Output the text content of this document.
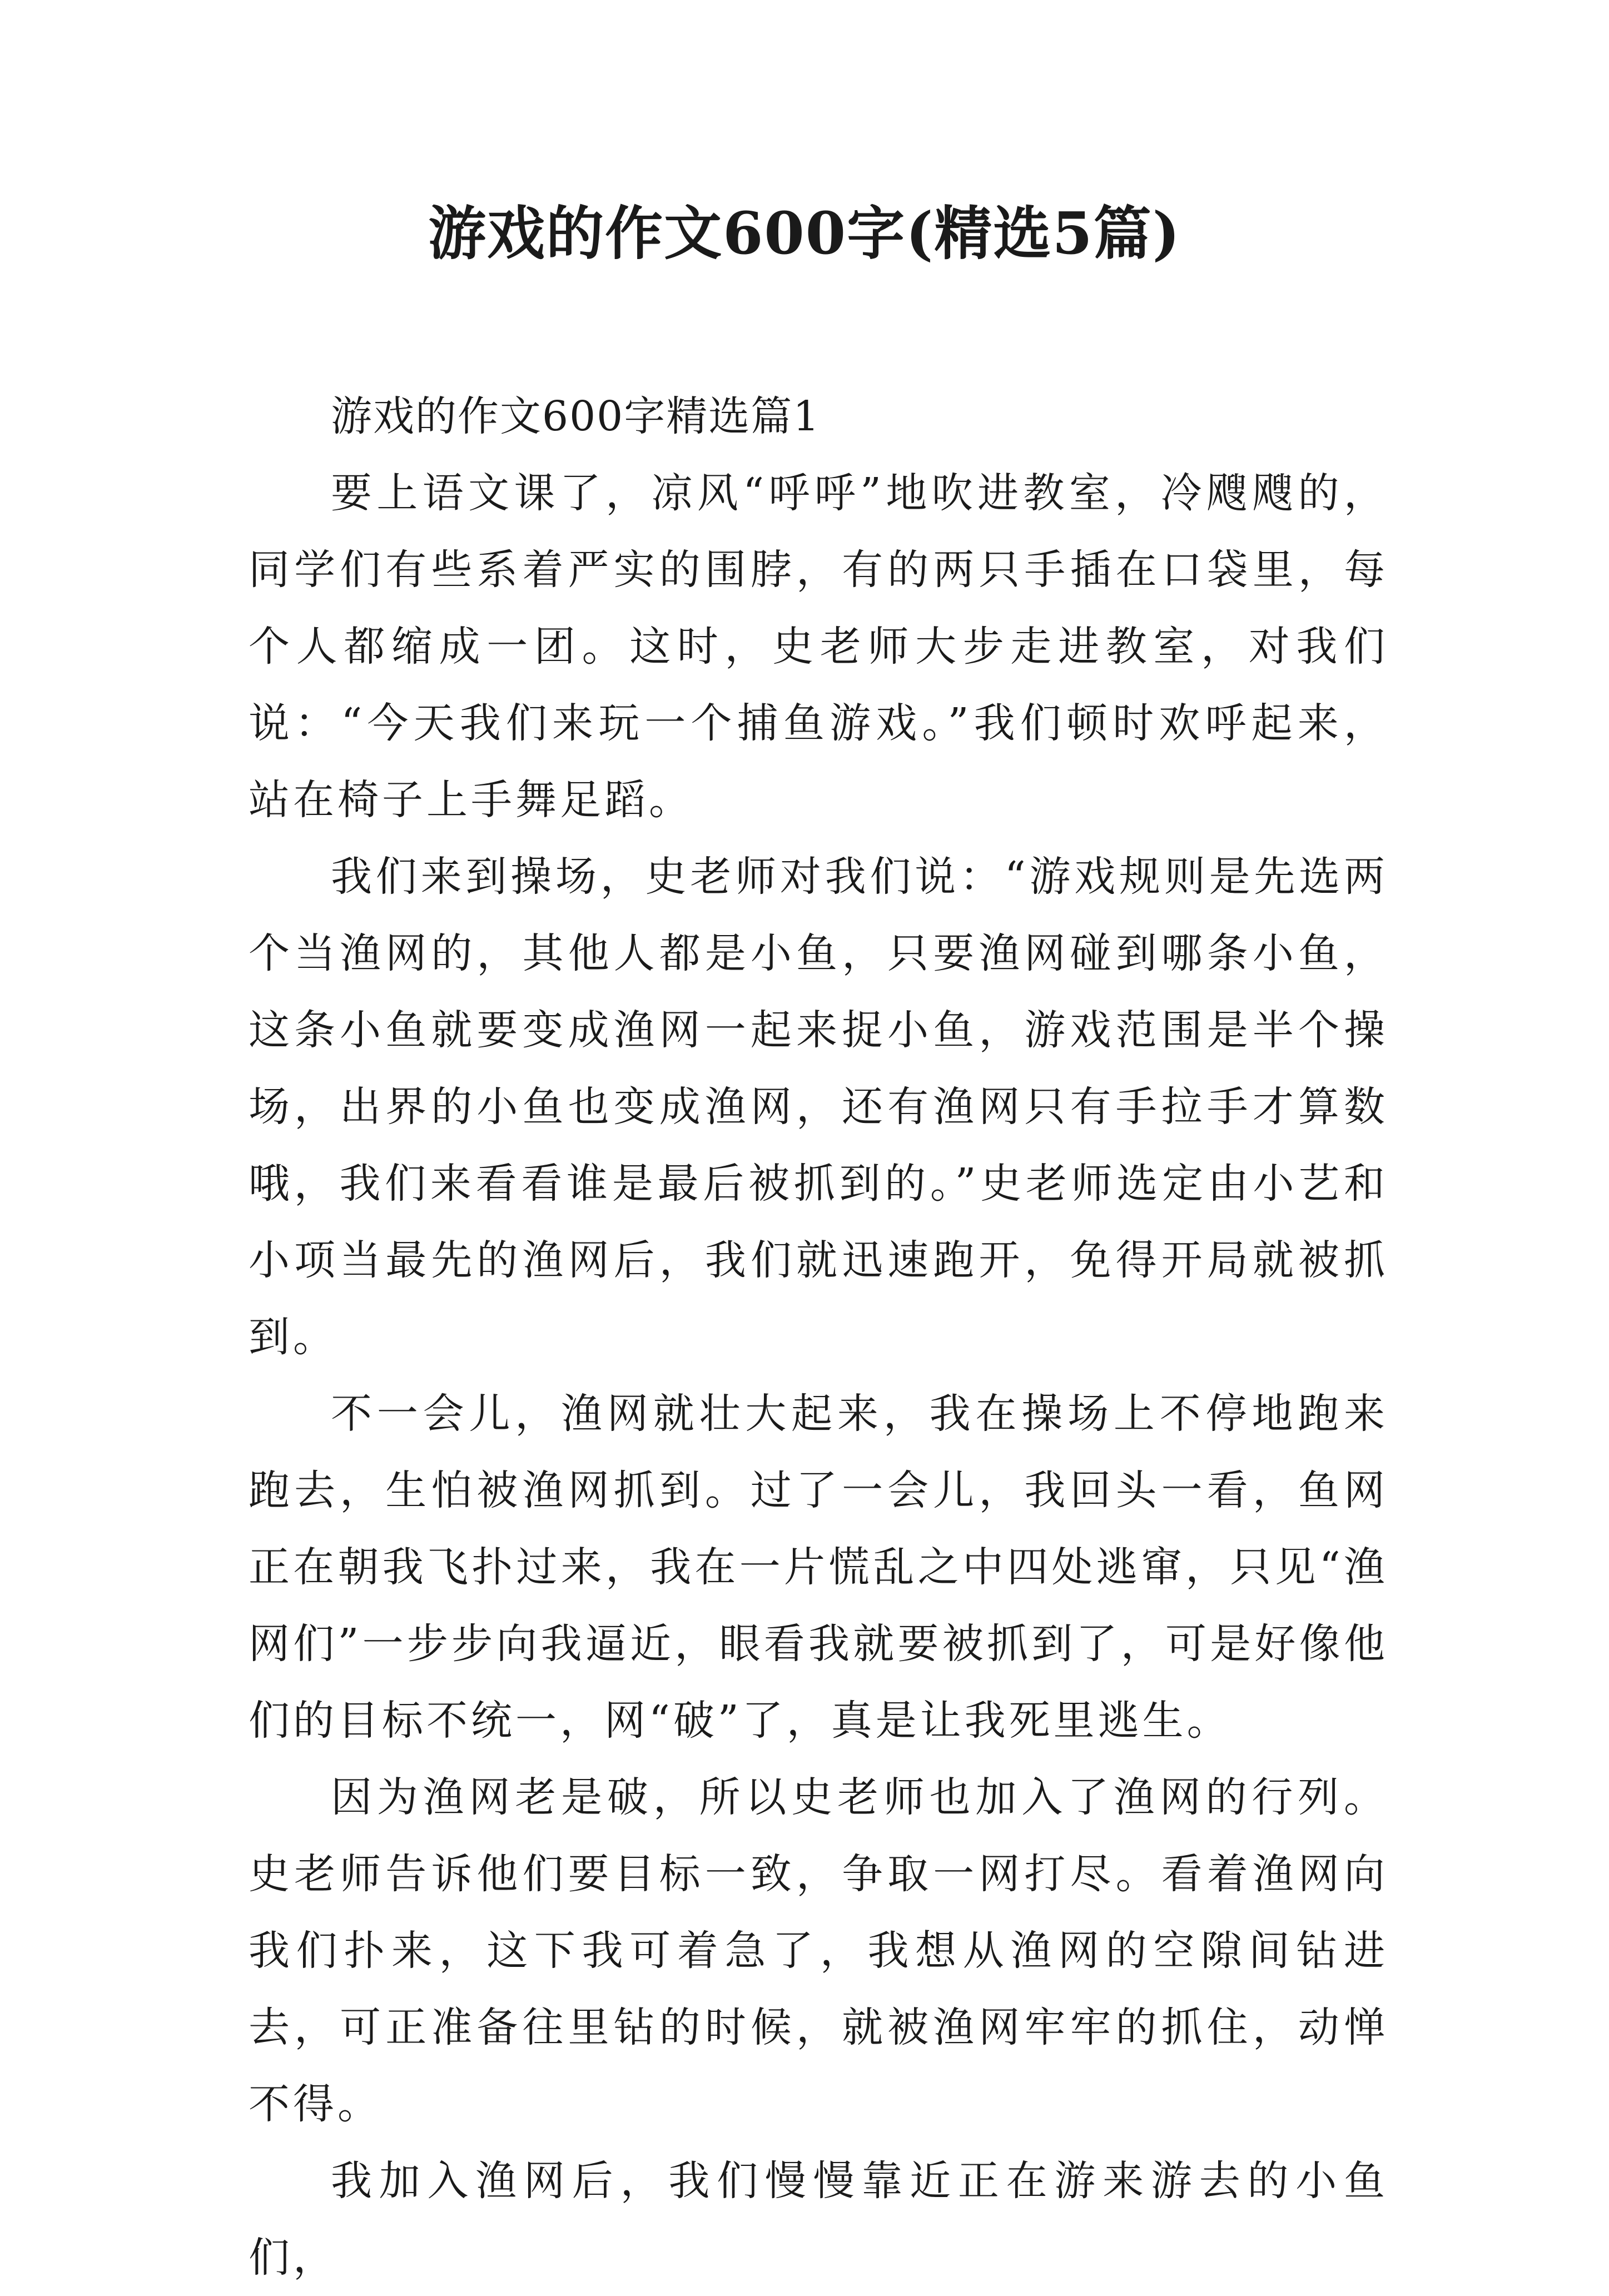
游戏的作文600字(精选5篇)

游戏的作文600字精选篇1

要上语文课了，凉风“呼呼”地吹进教室，冷飕飕的，同学们有些系着严实的围脖，有的两只手插在口袋里，每个人都缩成一团。这时，史老师大步走进教室，对我们说：“今天我们来玩一个捕鱼游戏。”我们顿时欢呼起来，站在椅子上手舞足蹈。

我们来到操场，史老师对我们说：“游戏规则是先选两个当渔网的，其他人都是小鱼，只要渔网碰到哪条小鱼，这条小鱼就要变成渔网一起来捉小鱼，游戏范围是半个操场，出界的小鱼也变成渔网，还有渔网只有手拉手才算数哦，我们来看看谁是最后被抓到的。”史老师选定由小艺和小项当最先的渔网后，我们就迅速跑开，免得开局就被抓到。

不一会儿，渔网就壮大起来，我在操场上不停地跑来跑去，生怕被渔网抓到。过了一会儿，我回头一看，鱼网正在朝我飞扑过来，我在一片慌乱之中四处逃窜，只见“渔网们”一步步向我逼近，眼看我就要被抓到了，可是好像他们的目标不统一，网“破”了，真是让我死里逃生。

因为渔网老是破，所以史老师也加入了渔网的行列。史老师告诉他们要目标一致，争取一网打尽。看着渔网向我们扑来，这下我可着急了，我想从渔网的空隙间钻进去，可正准备往里钻的时候，就被渔网牢牢的抓住，动惮不得。

我加入渔网后，我们慢慢靠近正在游来游去的小鱼们，
